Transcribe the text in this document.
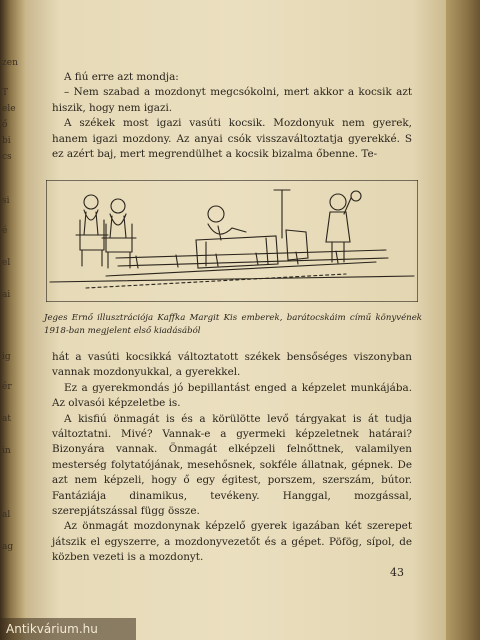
zen
T
ele
ő
bi
cs
si
é
el
ai
ig
ér
at
in
al
ag

A fiú erre azt mondja:

– Nem szabad a mozdonyt megcsókolni, mert akkor a kocsik azt hiszik, hogy nem igazi.

A székek most igazi vasúti kocsik. Mozdonyuk nem gyerek, hanem igazi mozdony. Az anyai csók visszaváltoztatja gyerekké. S ez azért baj, mert megrendülhet a kocsik bizalma őbenne. Te-

Jeges Ernő illusztrációja Kaffka Margit Kis emberek, barátocskáim című könyvének 1918-ban megjelent első kiadásából

hát a vasúti kocsikká változtatott székek bensőséges viszonyban vannak mozdonyukkal, a gyerekkel.

Ez a gyerekmondás jó bepillantást enged a képzelet munkájába. Az olvasói képzeletbe is.

A kisfiú önmagát is és a körülötte levő tárgyakat is át tudja változtatni. Mivé? Vannak-e a gyermeki képzeletnek határai? Bizonyára vannak. Önmagát elképzeli felnőttnek, valamilyen mesterség folytatójának, mesehősnek, sokféle állatnak, gépnek. De azt nem képzeli, hogy ő egy égitest, porszem, szerszám, bútor. Fantáziája dinamikus, tevékeny. Hanggal, mozgással, szerepjátszással függ össze.

Az önmagát mozdonynak képzelő gyerek igazában két szerepet játszik el egyszerre, a mozdonyvezetőt és a gépet. Pöfög, sípol, de közben vezeti is a mozdonyt.

43
Antikvárium.hu
